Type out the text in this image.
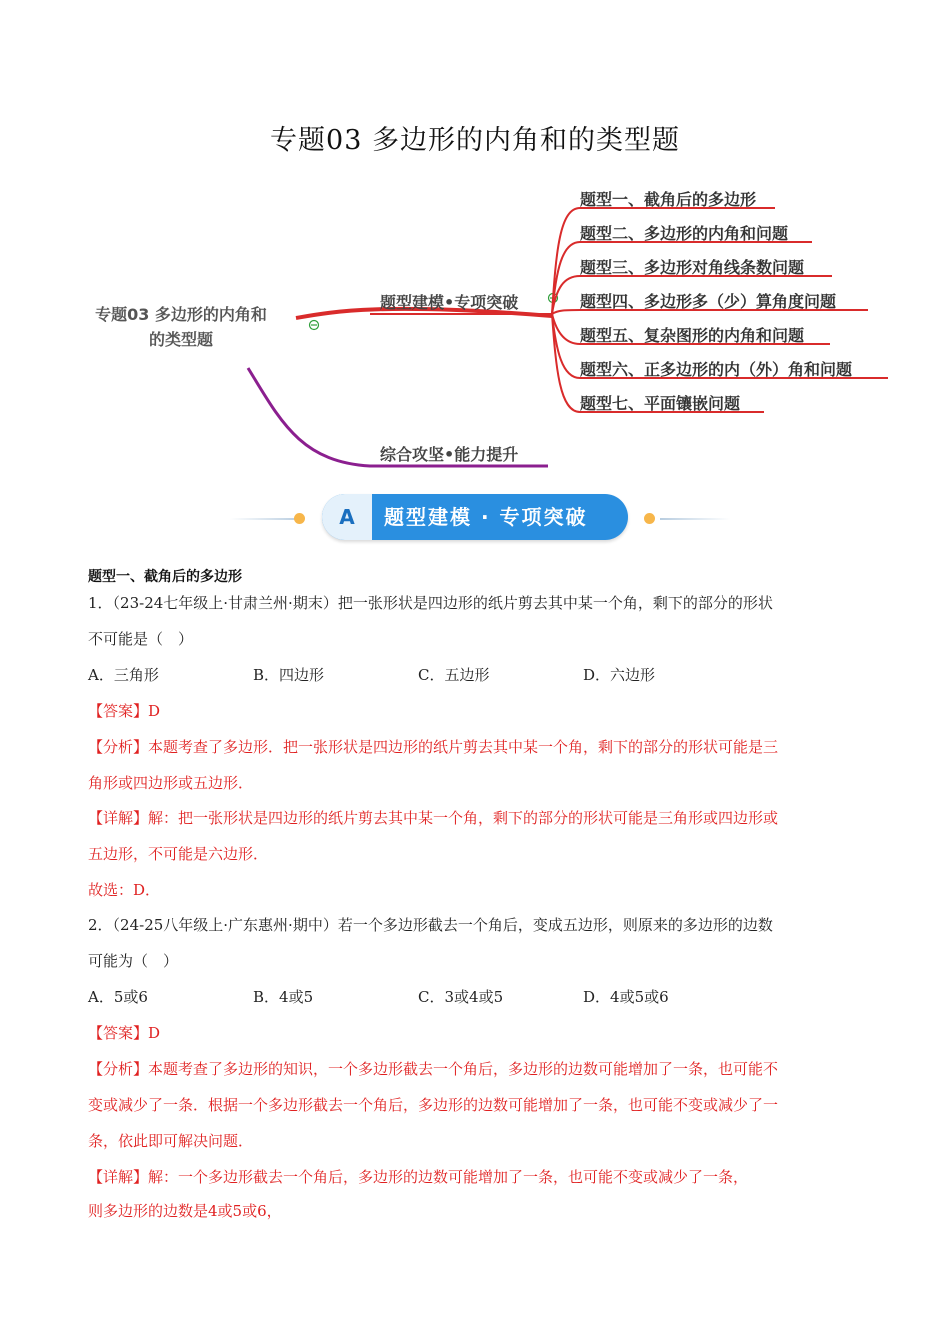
专题03 多边形的内角和的类型题
专题03 多边形的内角和
的类型题
题型建模•专项突破
综合攻坚•能力提升
题型一、截角后的多边形
题型二、多边形的内角和问题
题型三、多边形对角线条数问题
题型四、多边形多（少）算角度问题
题型五、复杂图形的内角和问题
题型六、正多边形的内（外）角和问题
题型七、平面镶嵌问题
A	题型建模 · 专项突破
题型一、截角后的多边形
1．（23-24七年级上·甘肃兰州·期末）把一张形状是四边形的纸片剪去其中某一个角，剩下的部分的形状
不可能是（　）
A．三角形	B．四边形	C．五边形	D．六边形
【答案】D
【分析】本题考查了多边形．把一张形状是四边形的纸片剪去其中某一个角，剩下的部分的形状可能是三
角形或四边形或五边形．
【详解】解：把一张形状是四边形的纸片剪去其中某一个角，剩下的部分的形状可能是三角形或四边形或
五边形，不可能是六边形．
故选：D．
2．（24-25八年级上·广东惠州·期中）若一个多边形截去一个角后，变成五边形，则原来的多边形的边数
可能为（　）
A．5或6	B．4或5	C．3或4或5	D．4或5或6
【答案】D
【分析】本题考查了多边形的知识，一个多边形截去一个角后，多边形的边数可能增加了一条，也可能不
变或减少了一条．根据一个多边形截去一个角后，多边形的边数可能增加了一条，也可能不变或减少了一
条，依此即可解决问题．
【详解】解：一个多边形截去一个角后，多边形的边数可能增加了一条，也可能不变或减少了一条，
则多边形的边数是4或5或6，
